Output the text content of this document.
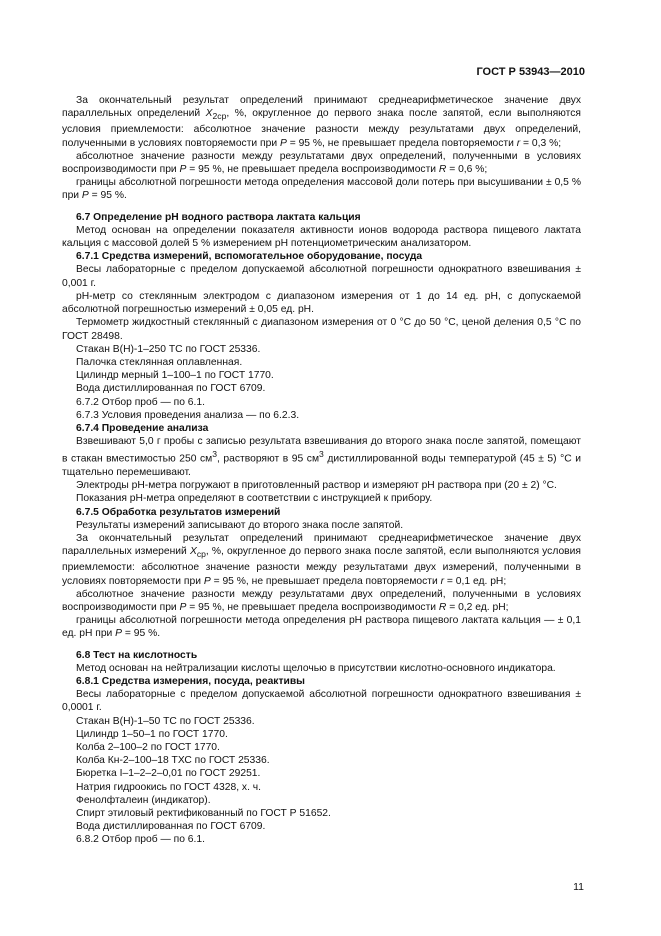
ГОСТ Р 53943—2010

За окончательный результат определений принимают среднеарифметическое значение двух параллельных определений $X_{2ср}$, %, округленное до первого знака после запятой, если выполняются условия приемлемости: абсолютное значение разности между результатами двух определений, полученными в условиях повторяемости при P = 95 %, не превышает предела повторяемости r = 0,3 %;

абсолютное значение разности между результатами двух определений, полученными в условиях воспроизводимости при P = 95 %, не превышает предела воспроизводимости R = 0,6 %;

границы абсолютной погрешности метода определения массовой доли потерь при высушивании ± 0,5 % при P = 95 %.

6.7 Определение pH водного раствора лактата кальция

Метод основан на определении показателя активности ионов водорода раствора пищевого лактата кальция с массовой долей 5 % измерением pH потенциометрическим анализатором.

6.7.1 Средства измерений, вспомогательное оборудование, посуда

Весы лабораторные с пределом допускаемой абсолютной погрешности однократного взвешивания ± 0,001 г.

pH-метр со стеклянным электродом с диапазоном измерения от 1 до 14 ед. pH, с допускаемой абсолютной погрешностью измерений ± 0,05 ед. pH.

Термометр жидкостный стеклянный с диапазоном измерения от 0 °С до 50 °С, ценой деления 0,5 °С по ГОСТ 28498.

Стакан В(Н)-1–250 ТС по ГОСТ 25336.

Палочка стеклянная оплавленная.

Цилиндр мерный 1–100–1 по ГОСТ 1770.

Вода дистиллированная по ГОСТ 6709.

6.7.2 Отбор проб — по 6.1.

6.7.3 Условия проведения анализа — по 6.2.3.

6.7.4 Проведение анализа

Взвешивают 5,0 г пробы с записью результата взвешивания до второго знака после запятой, помещают в стакан вместимостью 250 $см^3$, растворяют в 95 $см^3$ дистиллированной воды температурой (45 ± 5) °С и тщательно перемешивают.

Электроды pH-метра погружают в приготовленный раствор и измеряют pH раствора при (20 ± 2) °С.

Показания pH-метра определяют в соответствии с инструкцией к прибору.

6.7.5 Обработка результатов измерений

Результаты измерений записывают до второго знака после запятой.

За окончательный результат определений принимают среднеарифметическое значение двух параллельных измерений $X_{ср}$, %, округленное до первого знака после запятой, если выполняются условия приемлемости: абсолютное значение разности между результатами двух измерений, полученными в условиях повторяемости при P = 95 %, не превышает предела повторяемости r = 0,1 ед. pH;

абсолютное значение разности между результатами двух определений, полученными в условиях воспроизводимости при P = 95 %, не превышает предела воспроизводимости R = 0,2 ед. pH;

границы абсолютной погрешности метода определения pH раствора пищевого лактата кальция — ± 0,1 ед. pH при P = 95 %.

6.8 Тест на кислотность

Метод основан на нейтрализации кислоты щелочью в присутствии кислотно-основного индикатора.

6.8.1 Средства измерения, посуда, реактивы

Весы лабораторные с пределом допускаемой абсолютной погрешности однократного взвешивания ± 0,0001 г.

Стакан В(Н)-1–50 ТС по ГОСТ 25336.

Цилиндр 1–50–1 по ГОСТ 1770.

Колба 2–100–2 по ГОСТ 1770.

Колба Кн-2–100–18 ТХС по ГОСТ 25336.

Бюретка I–1–2–2–0,01 по ГОСТ 29251.

Натрия гидроокись по ГОСТ 4328, х. ч.

Фенолфталеин (индикатор).

Спирт этиловый ректификованный по ГОСТ Р 51652.

Вода дистиллированная по ГОСТ 6709.

6.8.2 Отбор проб — по 6.1.

11
